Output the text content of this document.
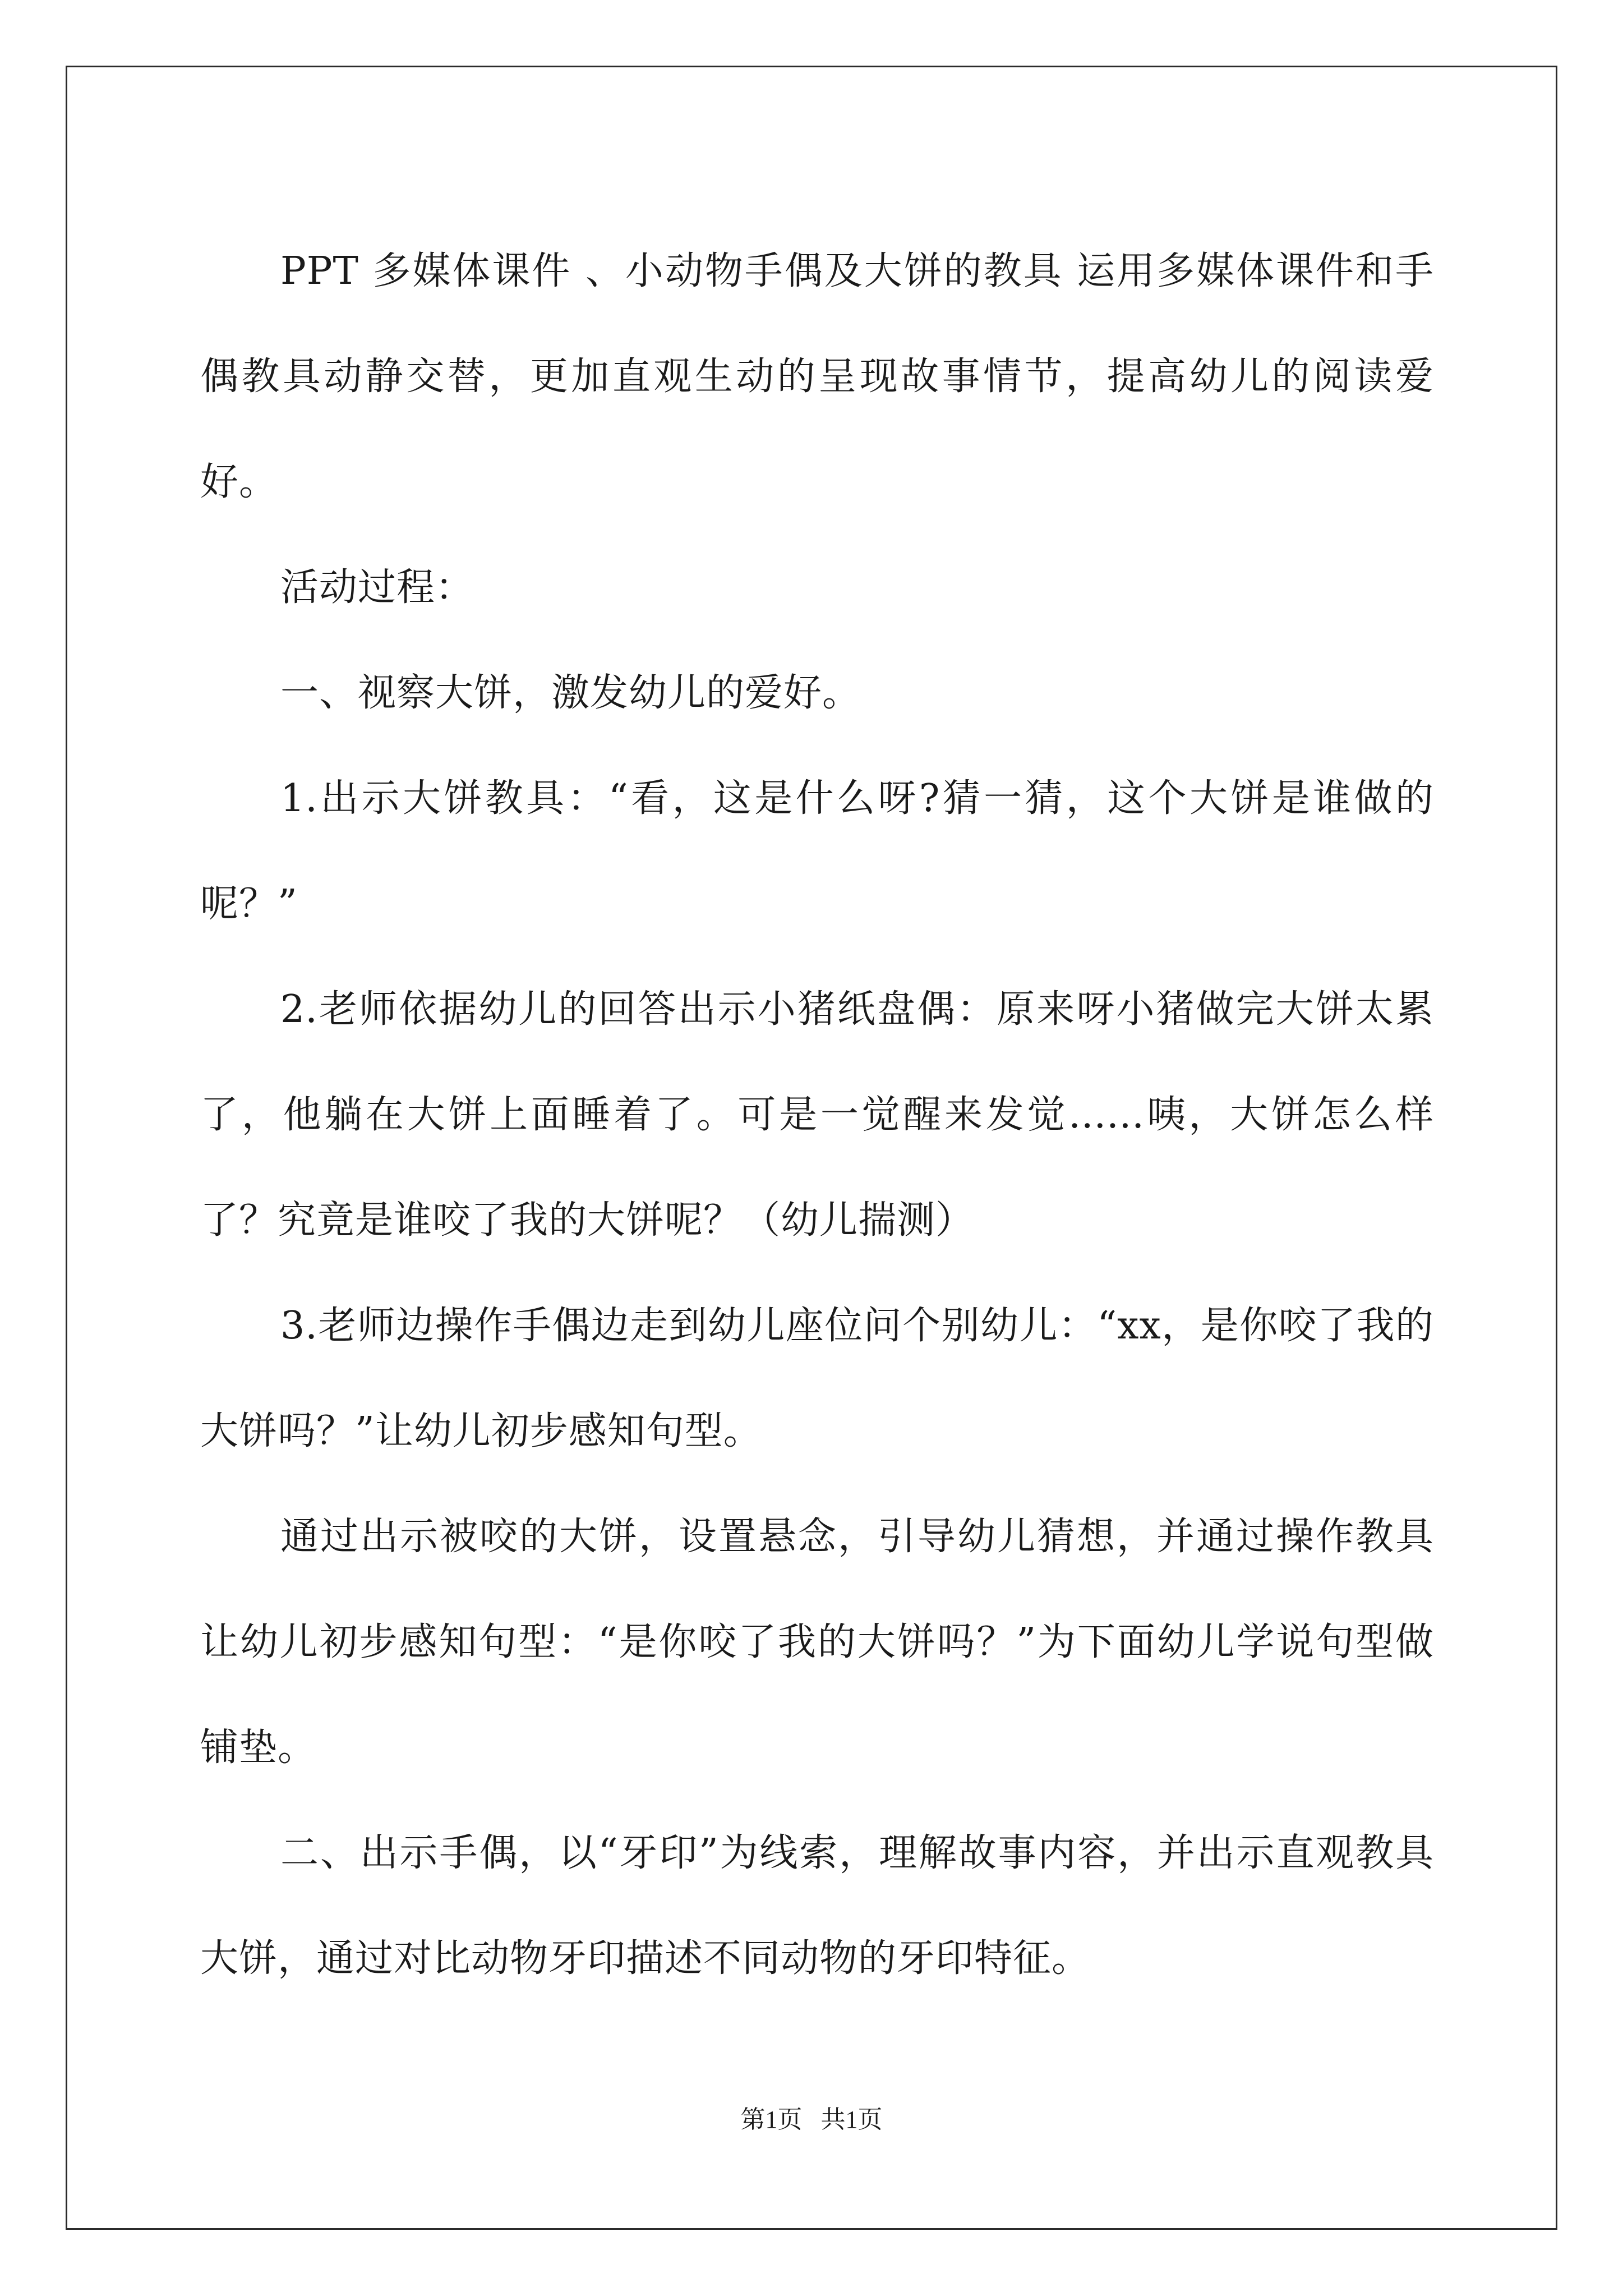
PPT 多媒体课件 、小动物手偶及大饼的教具 运用多媒体课件和手偶教具动静交替，更加直观生动的呈现故事情节，提高幼儿的阅读爱好。

活动过程：

一、视察大饼，激发幼儿的爱好。

1.出示大饼教具：“看，这是什么呀?猜一猜，这个大饼是谁做的呢？”

2.老师依据幼儿的回答出示小猪纸盘偶：原来呀小猪做完大饼太累了，他躺在大饼上面睡着了。可是一觉醒来发觉......咦，大饼怎么样了？究竟是谁咬了我的大饼呢？（幼儿揣测）

3.老师边操作手偶边走到幼儿座位问个别幼儿：“xx，是你咬了我的大饼吗？”让幼儿初步感知句型。

通过出示被咬的大饼，设置悬念，引导幼儿猜想，并通过操作教具让幼儿初步感知句型：“是你咬了我的大饼吗？”为下面幼儿学说句型做铺垫。

二、出示手偶，以“牙印”为线索，理解故事内容，并出示直观教具大饼，通过对比动物牙印描述不同动物的牙印特征。

第1页   共1页
